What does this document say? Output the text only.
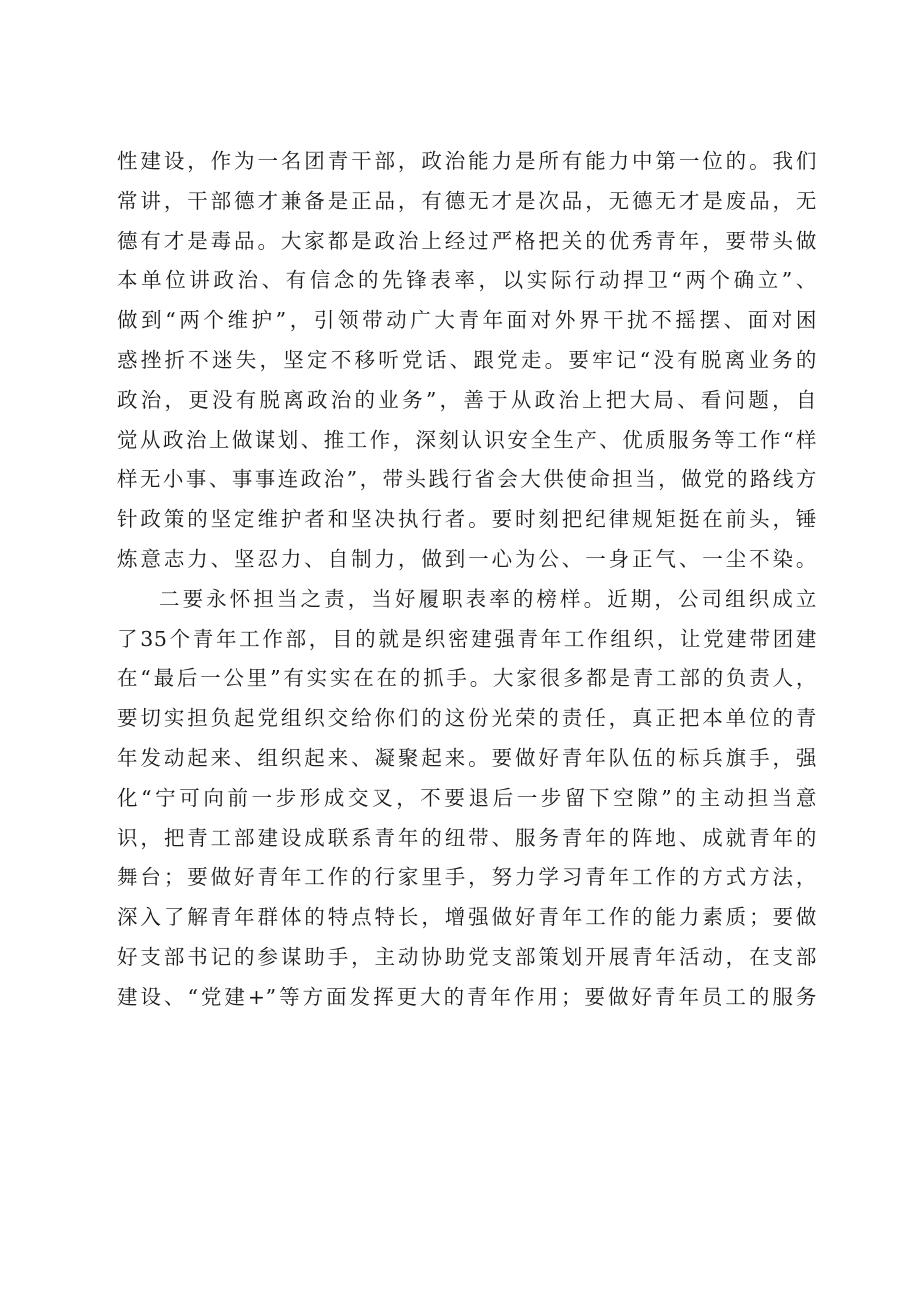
性建设，作为一名团青干部，政治能力是所有能力中第一位的。我们
常讲，干部德才兼备是正品，有德无才是次品，无德无才是废品，无
德有才是毒品。大家都是政治上经过严格把关的优秀青年，要带头做
本单位讲政治、有信念的先锋表率，以实际行动捍卫“两个确立”、
做到“两个维护”，引领带动广大青年面对外界干扰不摇摆、面对困
惑挫折不迷失，坚定不移听党话、跟党走。要牢记“没有脱离业务的
政治，更没有脱离政治的业务”，善于从政治上把大局、看问题，自
觉从政治上做谋划、推工作，深刻认识安全生产、优质服务等工作“样
样无小事、事事连政治”，带头践行省会大供使命担当，做党的路线方
针政策的坚定维护者和坚决执行者。要时刻把纪律规矩挺在前头，锤
炼意志力、坚忍力、自制力，做到一心为公、一身正气、一尘不染。
二要永怀担当之责，当好履职表率的榜样。近期，公司组织成立
了35个青年工作部，目的就是织密建强青年工作组织，让党建带团建
在“最后一公里”有实实在在的抓手。大家很多都是青工部的负责人，
要切实担负起党组织交给你们的这份光荣的责任，真正把本单位的青
年发动起来、组织起来、凝聚起来。要做好青年队伍的标兵旗手，强
化“宁可向前一步形成交叉，不要退后一步留下空隙”的主动担当意
识，把青工部建设成联系青年的纽带、服务青年的阵地、成就青年的
舞台；要做好青年工作的行家里手，努力学习青年工作的方式方法，
深入了解青年群体的特点特长，增强做好青年工作的能力素质；要做
好支部书记的参谋助手，主动协助党支部策划开展青年活动，在支部
建设、“党建+”等方面发挥更大的青年作用；要做好青年员工的服务
